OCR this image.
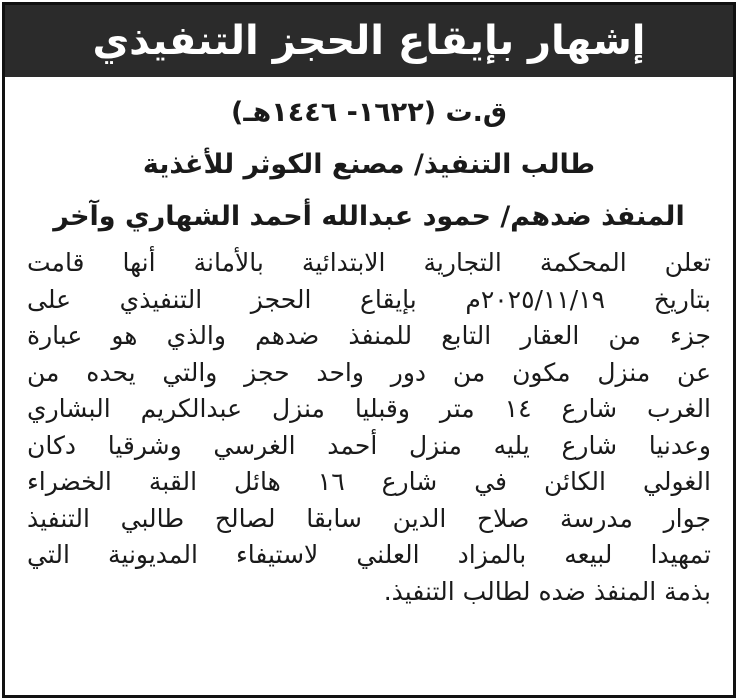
إشهار بإيقاع الحجز التنفيذي
ق.ت (١٦٢٢- ١٤٤٦هـ)
طالب التنفيذ/ مصنع الكوثر للأغذية
المنفذ ضدهم/ حمود عبدالله أحمد الشهاري وآخر
تعلن المحكمة التجارية الابتدائية بالأمانة أنها قامت
بتاريخ ٢٠٢٥/١١/١٩م بإيقاع الحجز التنفيذي على
جزء من العقار التابع للمنفذ ضدهم والذي هو عبارة
عن منزل مكون من دور واحد حجز والتي يحده من
الغرب شارع ١٤ متر وقبليا منزل عبدالكريم البشاري
وعدنيا شارع يليه منزل أحمد الغرسي وشرقيا دكان
الغولي الكائن في شارع ١٦ هائل القبة الخضراء
جوار مدرسة صلاح الدين سابقا لصالح طالبي التنفيذ
تمهيدا لبيعه بالمزاد العلني لاستيفاء المديونية التي
بذمة المنفذ ضده لطالب التنفيذ.
